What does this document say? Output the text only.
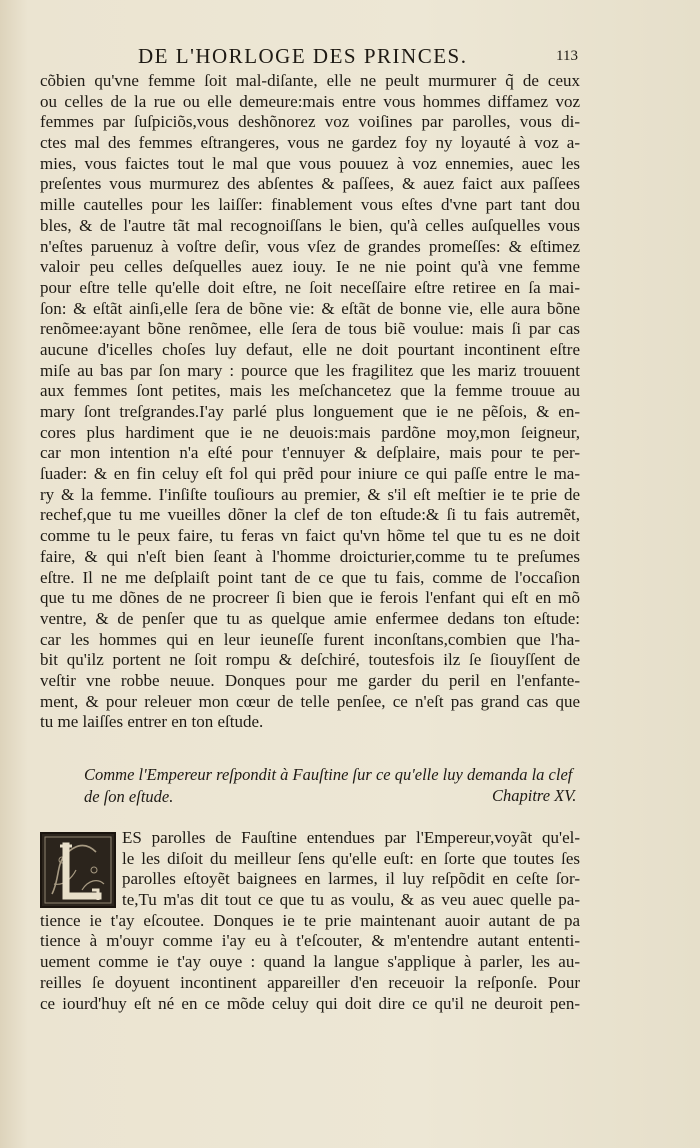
DE L'HORLOGE DES PRINCES.	113
cõbien qu'vne femme ſoit mal-diſante, elle ne peult murmurer q̃ de ceux
ou celles de la rue ou elle demeure:mais entre vous hommes diffamez voz
femmes par ſuſpiciõs,vous deshõnorez voz voiſines par parolles, vous di-
ctes mal des femmes eſtrangeres, vous ne gardez foy ny loyauté à voz a-
mies, vous faictes tout le mal que vous pouuez à voz ennemies, auec les
preſentes vous murmurez des abſentes & paſſees, & auez faict aux paſſees
mille cautelles pour les laiſſer: finablement vous eſtes d'vne part tant dou
bles, & de l'autre tãt mal recognoiſſans le bien, qu'à celles auſquelles vous
n'eſtes paruenuz à voſtre deſir, vous vſez de grandes promeſſes: & eſtimez
valoir peu celles deſquelles auez iouy. Ie ne nie point qu'à vne femme
pour eſtre telle qu'elle doit eſtre, ne ſoit neceſſaire eſtre retiree en ſa mai-
ſon: & eſtãt ainſi,elle ſera de bõne vie: & eſtãt de bonne vie, elle aura bõne
renõmee:ayant bõne renõmee, elle ſera de tous biẽ voulue: mais ſi par cas
aucune d'icelles choſes luy defaut, elle ne doit pourtant incontinent eſtre
miſe au bas par ſon mary : pource que les fragilitez que les mariz trouuent
aux femmes ſont petites, mais les meſchancetez que la femme trouue au
mary ſont treſgrandes.I'ay parlé plus longuement que ie ne pẽſois, & en-
cores plus hardiment que ie ne deuois:mais pardõne moy,mon ſeigneur,
car mon intention n'a eſté pour t'ennuyer & deſplaire, mais pour te per-
ſuader: & en fin celuy eſt fol qui prẽd pour iniure ce qui paſſe entre le ma-
ry & la femme. I'inſiſte touſiours au premier, & s'il eſt meſtier ie te prie de
rechef,que tu me vueilles dõner la clef de ton eſtude:& ſi tu fais autremẽt,
comme tu le peux faire, tu feras vn faict qu'vn hõme tel que tu es ne doit
faire, & qui n'eſt bien ſeant à l'homme droicturier,comme tu te preſumes
eſtre. Il ne me deſplaiſt point tant de ce que tu fais, comme de l'occaſion
que tu me dõnes de ne procreer ſi bien que ie ferois l'enfant qui eſt en mõ
ventre, & de penſer que tu as quelque amie enfermee dedans ton eſtude:
car les hommes qui en leur ieuneſſe furent inconſtans,combien que l'ha-
bit qu'ilz portent ne ſoit rompu & deſchiré, toutesfois ilz ſe ſiouyſſent de
veſtir vne robbe neuue. Donques pour me garder du peril en l'enfante-
ment, & pour releuer mon cœur de telle penſee, ce n'eſt pas grand cas que
tu me laiſſes entrer en ton eſtude.
Comme l'Empereur reſpondit à Fauſtine ſur ce qu'elle luy demanda la clef
de ſon eſtude.	Chapitre XV.
ES parolles de Fauſtine entendues par l'Empereur,voyãt qu'el-
le les diſoit du meilleur ſens qu'elle euſt: en ſorte que toutes ſes
parolles eſtoyẽt baignees en larmes, il luy reſpõdit en ceſte ſor-
te,Tu m'as dit tout ce que tu as voulu, & as veu auec quelle pa-
tience ie t'ay eſcoutee. Donques ie te prie maintenant auoir autant de pa
tience à m'ouyr comme i'ay eu à t'eſcouter, & m'entendre autant ententi-
uement comme ie t'ay ouye : quand la langue s'applique à parler, les au-
reilles ſe doyuent incontinent appareiller d'en receuoir la reſponſe. Pour
ce iourd'huy eſt né en ce mõde celuy qui doit dire ce qu'il ne deuroit pen-
